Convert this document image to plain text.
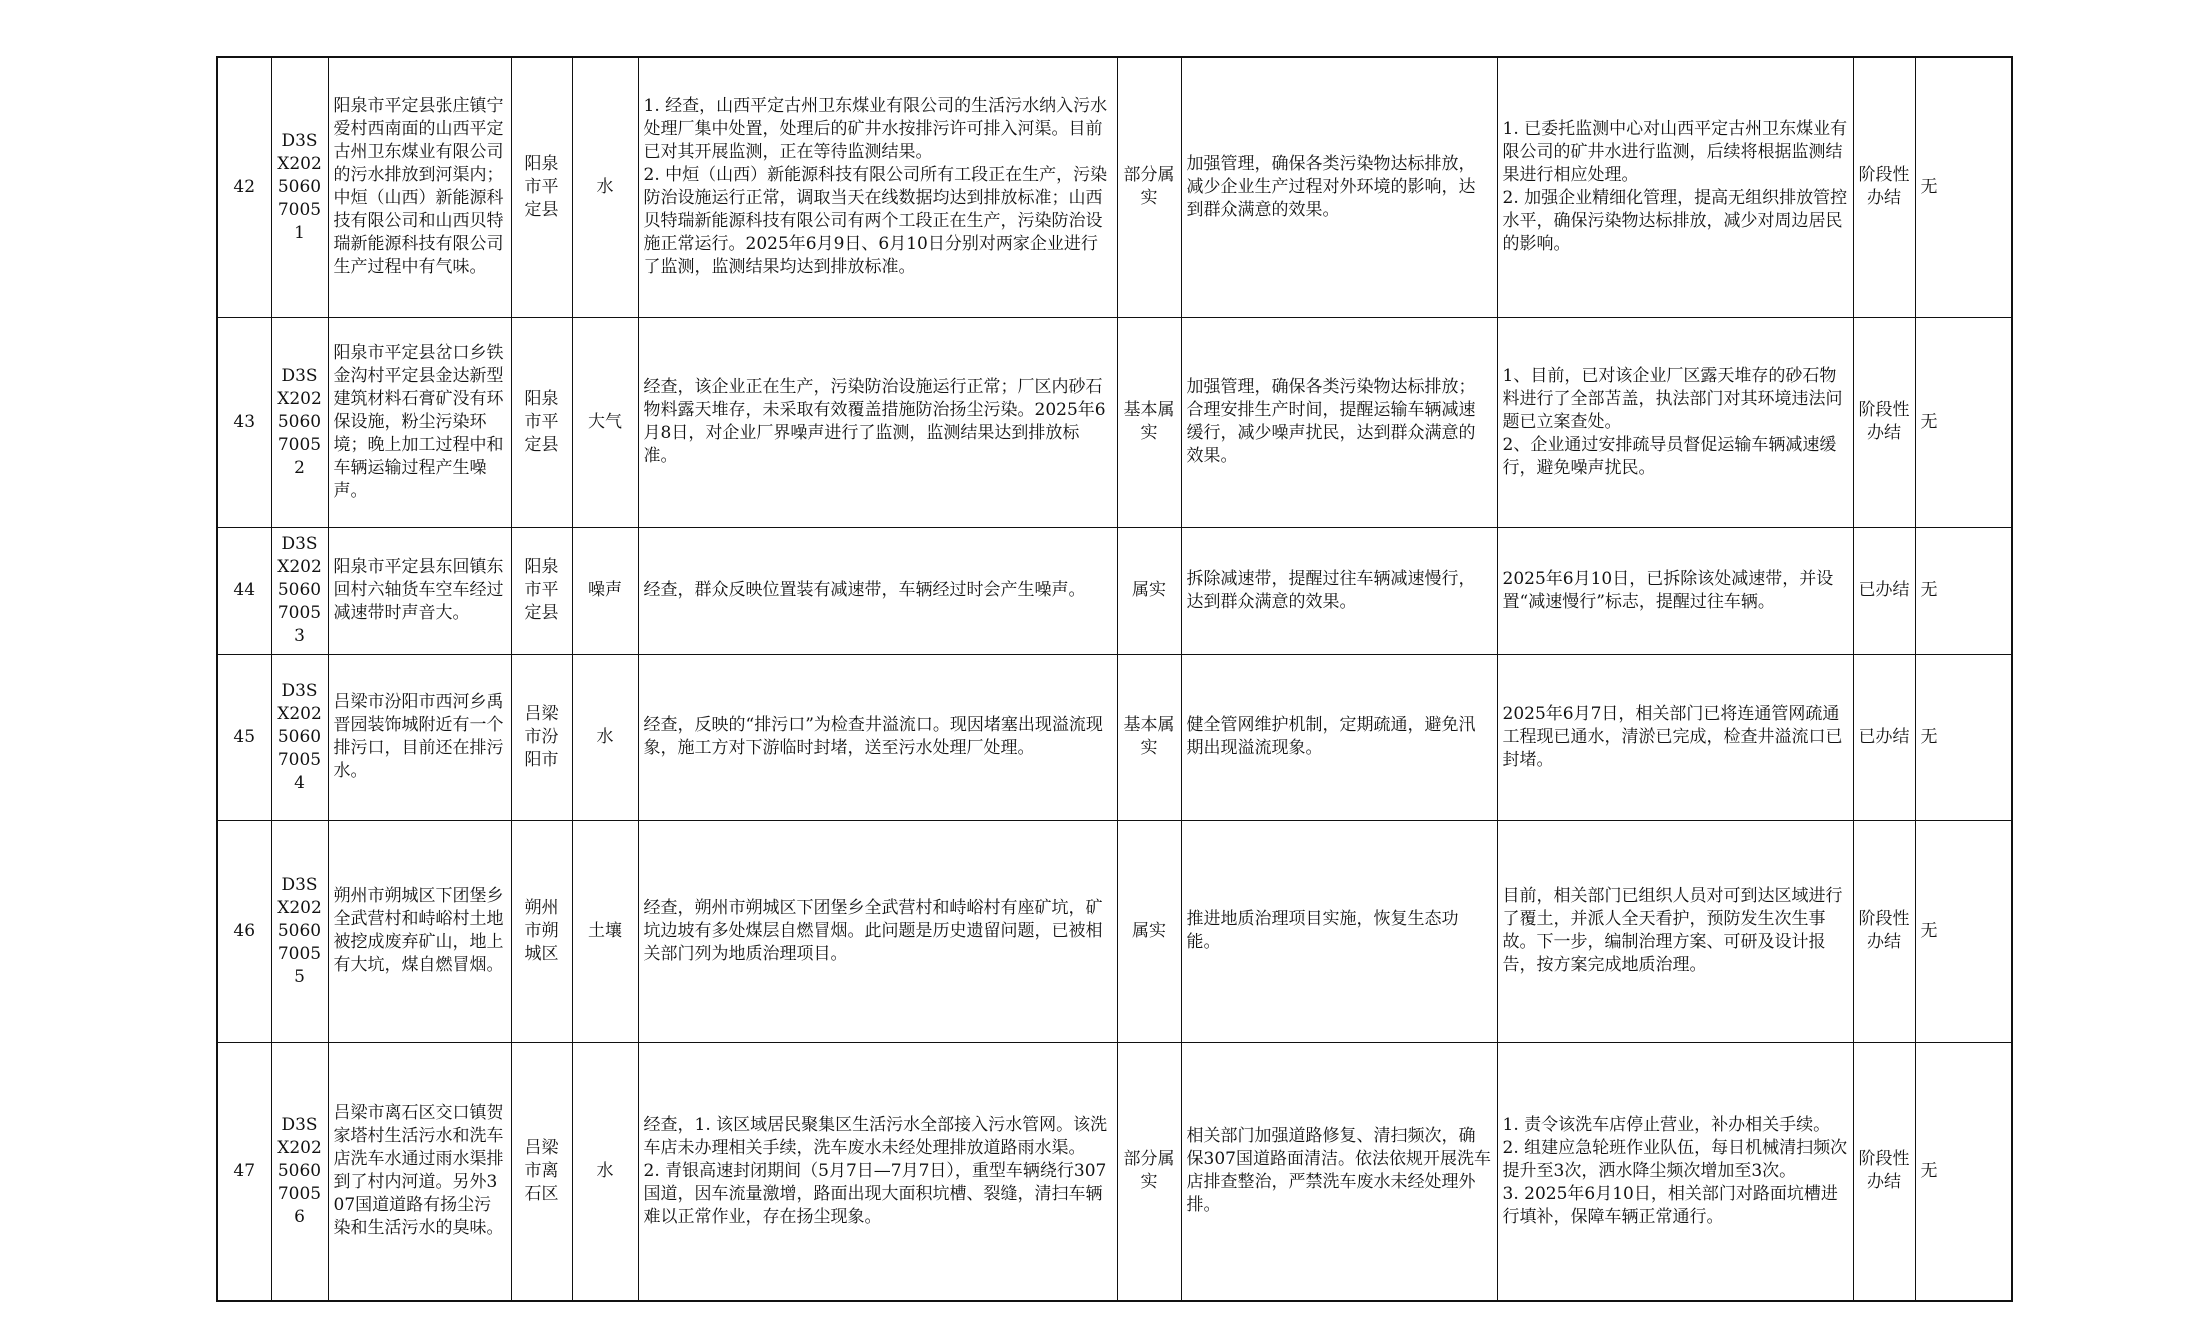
42	D3SX202506070051	阳泉市平定县张庄镇宁爱村西南面的山西平定古州卫东煤业有限公司的污水排放到河渠内；中烜（山西）新能源科技有限公司和山西贝特瑞新能源科技有限公司生产过程中有气味。	阳泉市平定县	水	1. 经查，山西平定古州卫东煤业有限公司的生活污水纳入污水处理厂集中处置，处理后的矿井水按排污许可排入河渠。目前已对其开展监测，正在等待监测结果。
2. 中烜（山西）新能源科技有限公司所有工段正在生产，污染防治设施运行正常，调取当天在线数据均达到排放标准；山西贝特瑞新能源科技有限公司有两个工段正在生产，污染防治设施正常运行。2025年6月9日、6月10日分别对两家企业进行了监测，监测结果均达到排放标准。	部分属实	加强管理，确保各类污染物达标排放，减少企业生产过程对外环境的影响，达到群众满意的效果。	1. 已委托监测中心对山西平定古州卫东煤业有限公司的矿井水进行监测，后续将根据监测结果进行相应处理。
2. 加强企业精细化管理，提高无组织排放管控水平，确保污染物达标排放，减少对周边居民的影响。	阶段性办结	无
43	D3SX202506070052	阳泉市平定县岔口乡铁金沟村平定县金达新型建筑材料石膏矿没有环保设施，粉尘污染环境；晚上加工过程中和车辆运输过程产生噪声。	阳泉市平定县	大气	经查，该企业正在生产，污染防治设施运行正常；厂区内砂石物料露天堆存，未采取有效覆盖措施防治扬尘污染。2025年6月8日，对企业厂界噪声进行了监测，监测结果达到排放标准。	基本属实	加强管理，确保各类污染物达标排放；合理安排生产时间，提醒运输车辆减速缓行，减少噪声扰民，达到群众满意的效果。	1、目前，已对该企业厂区露天堆存的砂石物料进行了全部苫盖，执法部门对其环境违法问题已立案查处。
2、企业通过安排疏导员督促运输车辆减速缓行，避免噪声扰民。	阶段性办结	无
44	D3SX202506070053	阳泉市平定县东回镇东回村六轴货车空车经过减速带时声音大。	阳泉市平定县	噪声	经查，群众反映位置装有减速带，车辆经过时会产生噪声。	属实	拆除减速带，提醒过往车辆减速慢行，达到群众满意的效果。	2025年6月10日，已拆除该处减速带，并设置“减速慢行”标志，提醒过往车辆。	已办结	无
45	D3SX202506070054	吕梁市汾阳市西河乡禹晋园装饰城附近有一个排污口，目前还在排污水。	吕梁市汾阳市	水	经查，反映的“排污口”为检查井溢流口。现因堵塞出现溢流现象，施工方对下游临时封堵，送至污水处理厂处理。	基本属实	健全管网维护机制，定期疏通，避免汛期出现溢流现象。	2025年6月7日，相关部门已将连通管网疏通工程现已通水，清淤已完成，检查井溢流口已封堵。	已办结	无
46	D3SX202506070055	朔州市朔城区下团堡乡全武营村和峙峪村土地被挖成废弃矿山，地上有大坑，煤自燃冒烟。	朔州市朔城区	土壤	经查，朔州市朔城区下团堡乡全武营村和峙峪村有座矿坑，矿坑边坡有多处煤层自燃冒烟。此问题是历史遗留问题，已被相关部门列为地质治理项目。	属实	推进地质治理项目实施，恢复生态功能。	目前，相关部门已组织人员对可到达区域进行了覆土，并派人全天看护，预防发生次生事故。下一步，编制治理方案、可研及设计报告，按方案完成地质治理。	阶段性办结	无
47	D3SX202506070056	吕梁市离石区交口镇贺家塔村生活污水和洗车店洗车水通过雨水渠排到了村内河道。另外307国道道路有扬尘污染和生活污水的臭味。	吕梁市离石区	水	经查，1. 该区域居民聚集区生活污水全部接入污水管网。该洗车店未办理相关手续，洗车废水未经处理排放道路雨水渠。
2. 青银高速封闭期间（5月7日—7月7日），重型车辆绕行307国道，因车流量激增，路面出现大面积坑槽、裂缝，清扫车辆难以正常作业，存在扬尘现象。	部分属实	相关部门加强道路修复、清扫频次，确保307国道路面清洁。依法依规开展洗车店排查整治，严禁洗车废水未经处理外排。	1. 责令该洗车店停止营业，补办相关手续。
2. 组建应急轮班作业队伍，每日机械清扫频次提升至3次，洒水降尘频次增加至3次。
3. 2025年6月10日，相关部门对路面坑槽进行填补，保障车辆正常通行。	阶段性办结	无
